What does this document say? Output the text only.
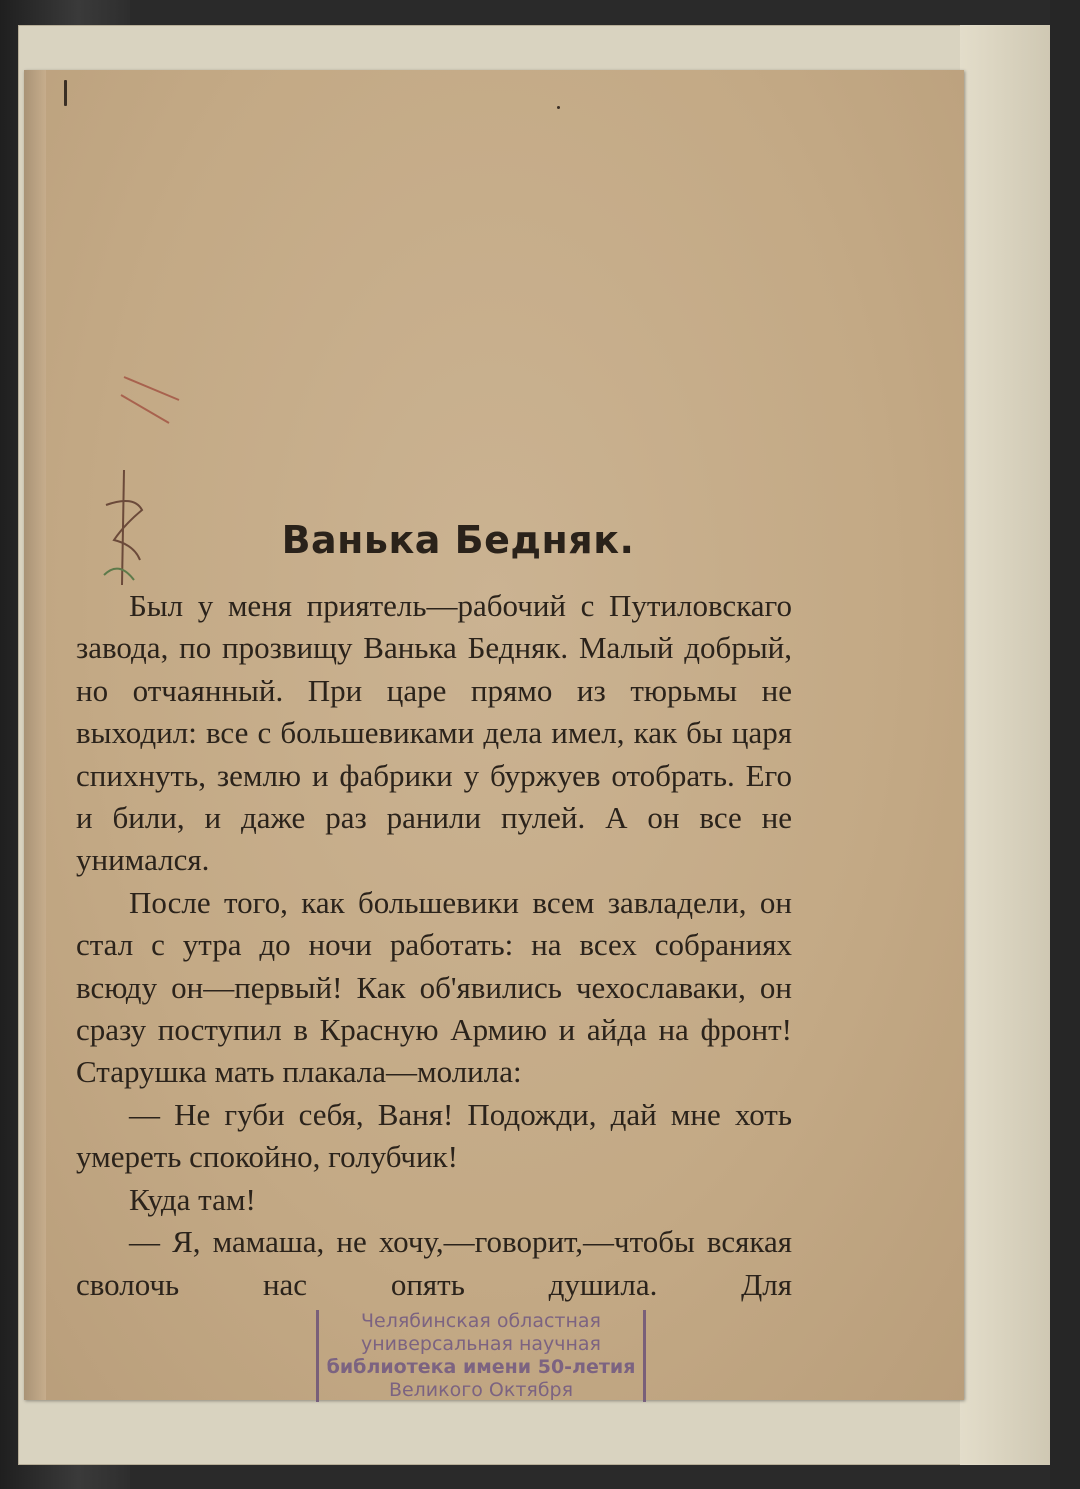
Ванька Бедняк.

Был у меня приятель—рабочий с Путиловскаго завода, по прозвищу Ванька Бедняк. Малый добрый, но отчаянный. При царе прямо из тюрьмы не выходил: все с большевиками дела имел, как бы царя спихнуть, землю и фабрики у буржуев отобрать. Его и били, и даже раз ранили пулей. А он все не унимался.

После того, как большевики всем завладели, он стал с утра до ночи работать: на всех собраниях всюду он—первый! Как об'явились чехославаки, он сразу поступил в Красную Армию и айда на фронт! Старушка мать плакала—молила:

— Не губи себя, Ваня! Подожди, дай мне хоть умереть спокойно, голубчик!

Куда там!

— Я, мамаша, не хочу,—говорит,—чтобы всякая сволочь нас опять душила. Для

Челябинская областная
универсальная научная
библиотека имени 50-летия
Великого Октября
